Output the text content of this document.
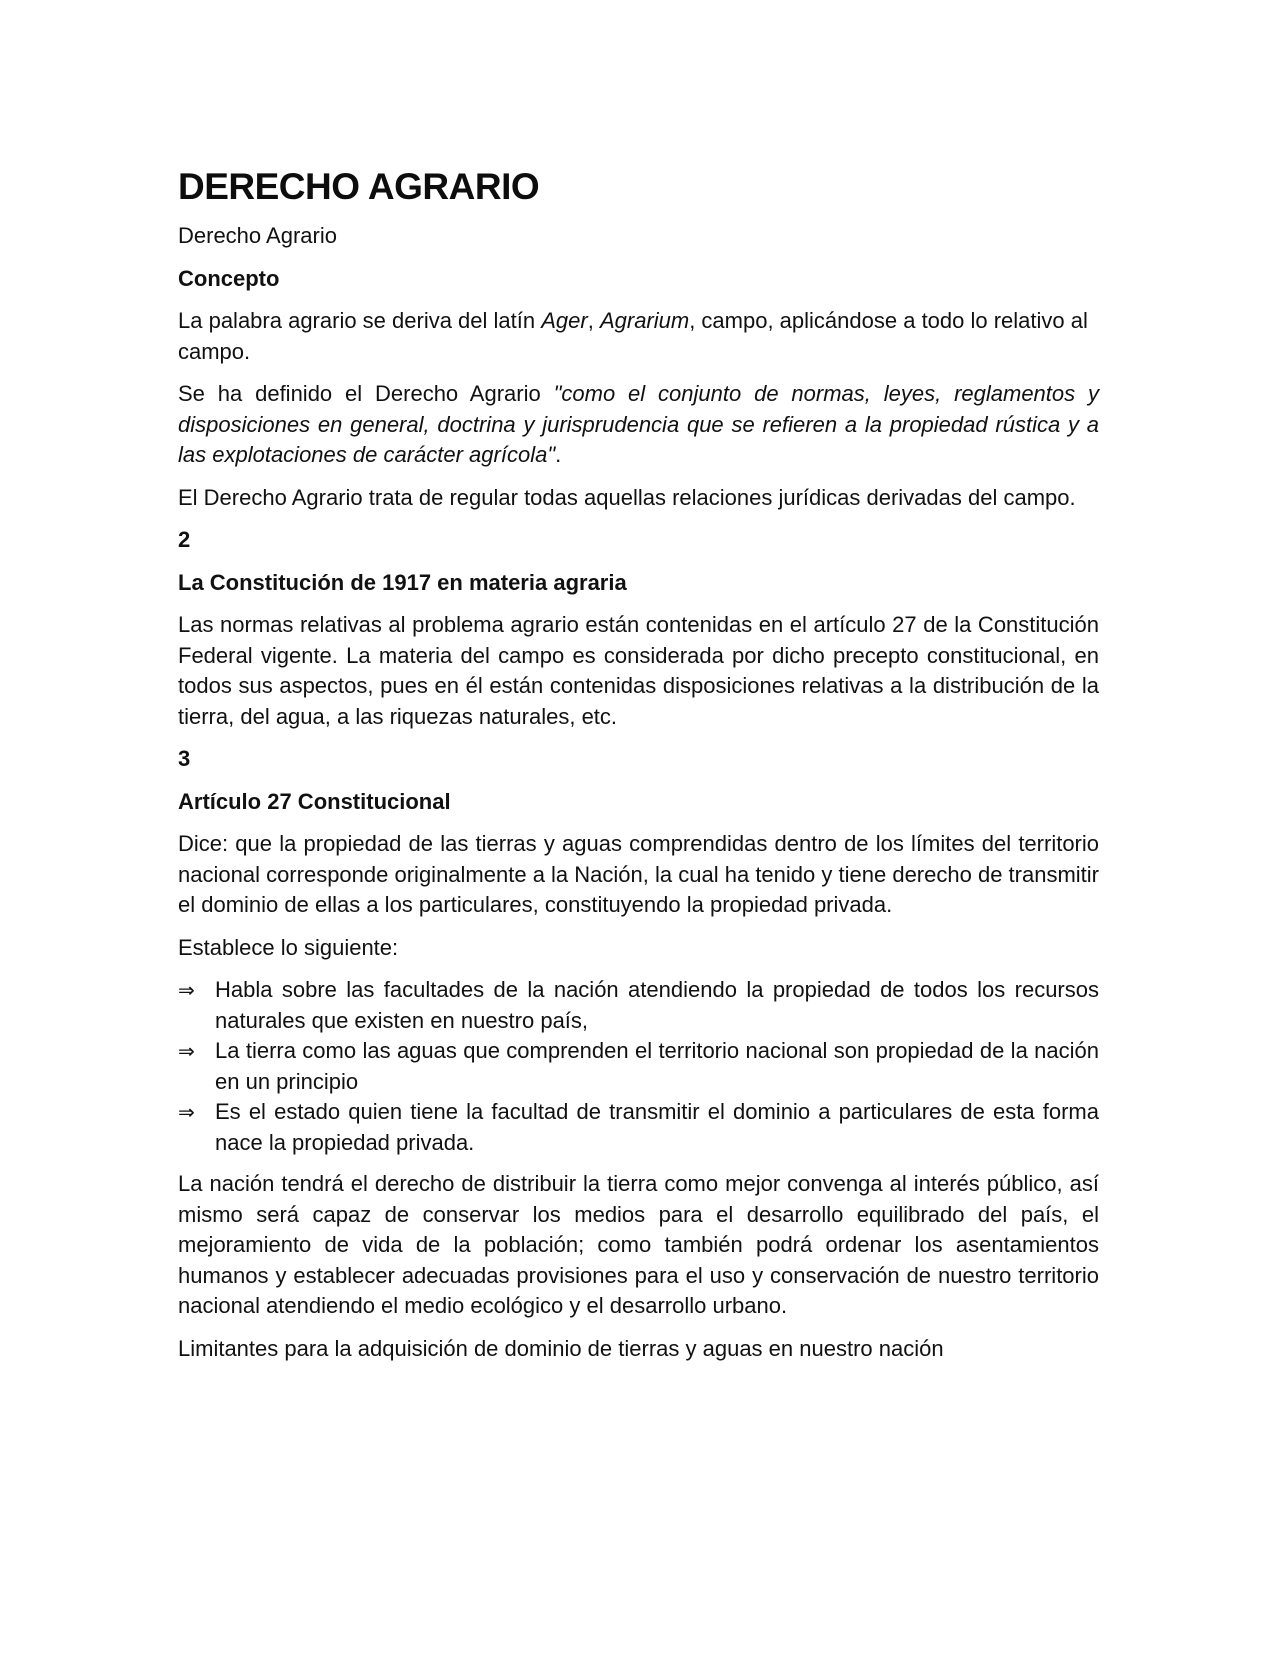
DERECHO AGRARIO

Derecho Agrario

Concepto

La palabra agrario se deriva del latín Ager, Agrarium, campo, aplicándose a todo lo relativo al campo.

Se ha definido el Derecho Agrario "como el conjunto de normas, leyes, reglamentos y disposiciones en general, doctrina y jurisprudencia que se refieren a la propiedad rústica y a las explotaciones de carácter agrícola".

El Derecho Agrario trata de regular todas aquellas relaciones jurídicas derivadas del campo.

2

La Constitución de 1917 en materia agraria

Las normas relativas al problema agrario están contenidas en el artículo 27 de la Constitución Federal vigente. La materia del campo es considerada por dicho precepto constitucional, en todos sus aspectos, pues en él están contenidas disposiciones relativas a la distribución de la tierra, del agua, a las riquezas naturales, etc.

3

Artículo 27 Constitucional

Dice: que la propiedad de las tierras y aguas comprendidas dentro de los límites del territorio nacional corresponde originalmente a la Nación, la cual ha tenido y tiene derecho de transmitir el dominio de ellas a los particulares, constituyendo la propiedad privada.

Establece lo siguiente:

⇒ Habla sobre las facultades de la nación atendiendo la propiedad de todos los recursos naturales que existen en nuestro país,
⇒ La tierra como las aguas que comprenden el territorio nacional son propiedad de la nación en un principio
⇒ Es el estado quien tiene la facultad de transmitir el dominio a particulares de esta forma nace la propiedad privada.

La nación tendrá el derecho de distribuir la tierra como mejor convenga al interés público, así mismo será capaz de conservar los medios para el desarrollo equilibrado del país, el mejoramiento de vida de la población; como también podrá ordenar los asentamientos humanos y establecer adecuadas provisiones para el uso y conservación de nuestro territorio nacional atendiendo el medio ecológico y el desarrollo urbano.

Limitantes para la adquisición de dominio de tierras y aguas en nuestro nación
